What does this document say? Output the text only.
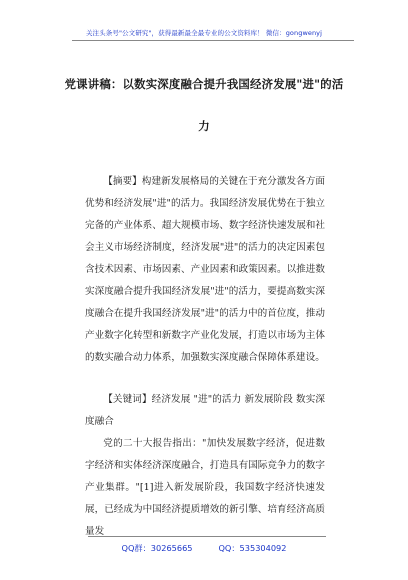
关注头条号"公文研究"，获得最新最全最专业的公文资料库！ 微信：gongwenyj
党课讲稿：以数实深度融合提升我国经济发展"进"的活
力
【摘要】构建新发展格局的关键在于充分激发各方面优势和经济发展"进"的活力。我国经济发展优势在于独立完备的产业体系、超大规模市场、数字经济快速发展和社会主义市场经济制度，经济发展"进"的活力的决定因素包含技术因素、市场因素、产业因素和政策因素。以推进数实深度融合提升我国经济发展"进"的活力，要提高数实深度融合在提升我国经济发展"进"的活力中的首位度，推动产业数字化转型和新数字产业化发展，打造以市场为主体的数实融合动力体系，加强数实深度融合保障体系建设。
【关键词】经济发展 "进"的活力 新发展阶段 数实深度融合
党的二十大报告指出："加快发展数字经济，促进数字经济和实体经济深度融合，打造具有国际竞争力的数字产业集群。"[1]进入新发展阶段，我国数字经济快速发展，已经成为中国经济提质增效的新引擎、培育经济高质量发
QQ群：30265665	QQ：535304092
